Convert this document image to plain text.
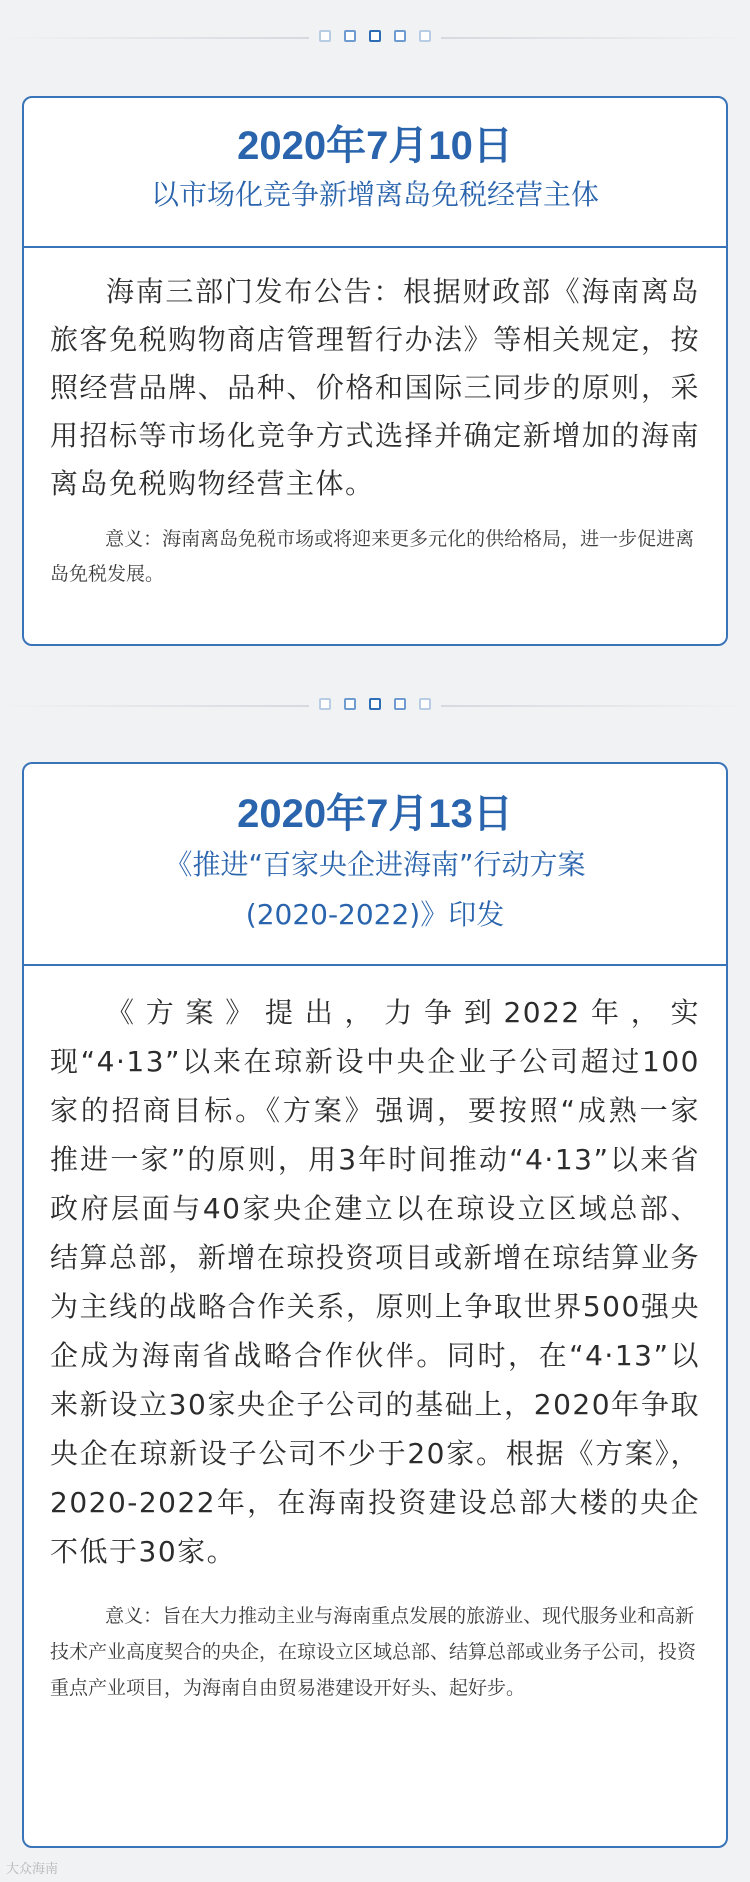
2020年7月10日
以市场化竞争新增离岛免税经营主体

海南三部门发布公告：根据财政部《海南离岛旅客免税购物商店管理暂行办法》等相关规定，按照经营品牌、品种、价格和国际三同步的原则，采用招标等市场化竞争方式选择并确定新增加的海南离岛免税购物经营主体。

意义：海南离岛免税市场或将迎来更多元化的供给格局，进一步促进离岛免税发展。

2020年7月13日
《推进“百家央企进海南”行动方案
(2020-2022)》印发

《方案》提出，力争到2022年，实现“4·13”以来在琼新设中央企业子公司超过100家的招商目标。《方案》强调，要按照“成熟一家推进一家”的原则，用3年时间推动“4·13”以来省政府层面与40家央企建立以在琼设立区域总部、结算总部，新增在琼投资项目或新增在琼结算业务为主线的战略合作关系，原则上争取世界500强央企成为海南省战略合作伙伴。同时，在“4·13”以来新设立30家央企子公司的基础上，2020年争取央企在琼新设子公司不少于20家。根据《方案》，2020-2022年，在海南投资建设总部大楼的央企不低于30家。

意义：旨在大力推动主业与海南重点发展的旅游业、现代服务业和高新技术产业高度契合的央企，在琼设立区域总部、结算总部或业务子公司，投资重点产业项目，为海南自由贸易港建设开好头、起好步。

大众海南
